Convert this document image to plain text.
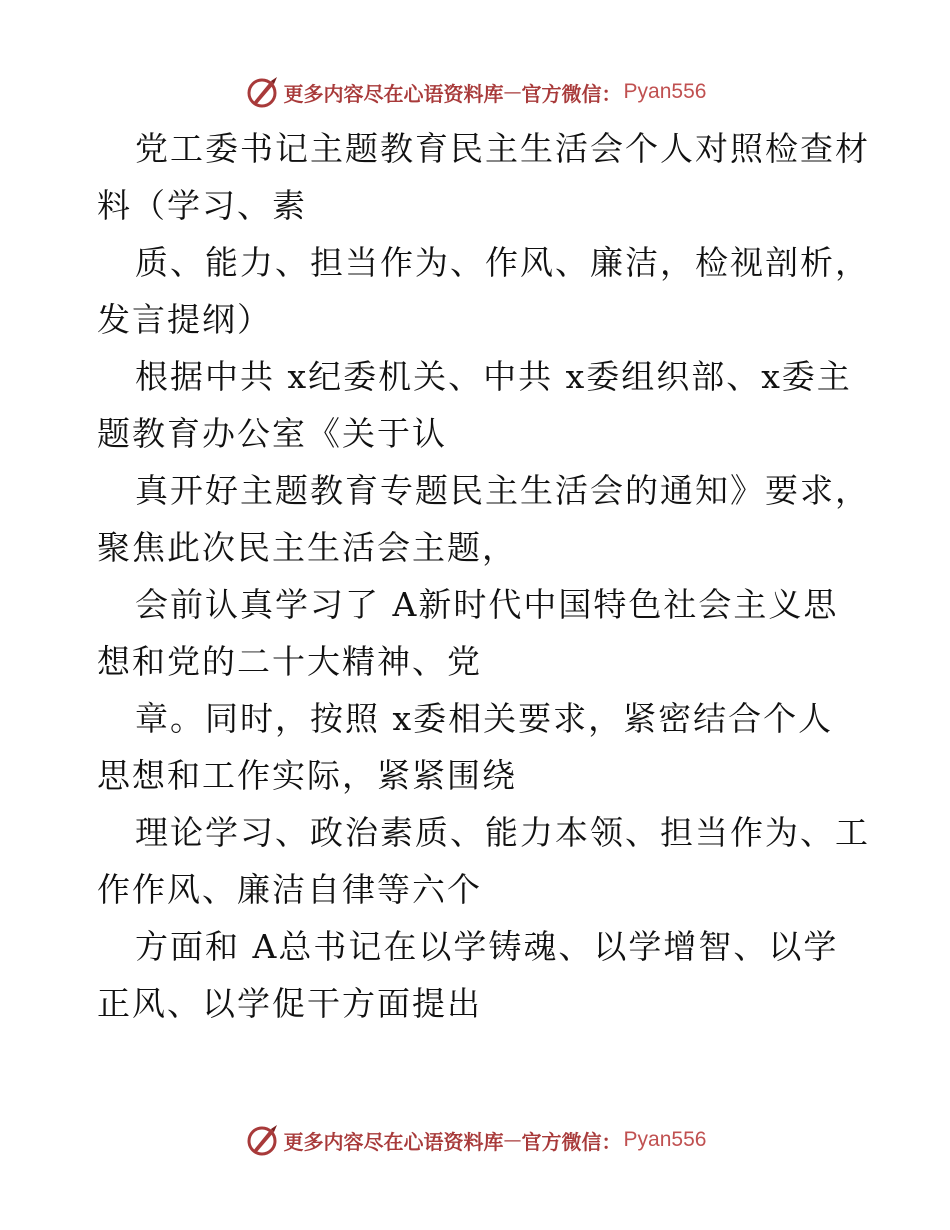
更多内容尽在心语资料库 — 官方微信： Pyan556
党工委书记主题教育民主生活会个人对照检查材
料（学习、素
质、能力、担当作为、作风、廉洁，检视剖析，
发言提纲）
根据中共 x纪委机关、中共 x委组织部、x委主
题教育办公室《关于认
真开好主题教育专题民主生活会的通知》要求，
聚焦此次民主生活会主题，
会前认真学习了 A新时代中国特色社会主义思
想和党的二十大精神、党
章。同时，按照 x委相关要求，紧密结合个人
思想和工作实际，紧紧围绕
理论学习、政治素质、能力本领、担当作为、工
作作风、廉洁自律等六个
方面和 A总书记在以学铸魂、以学增智、以学
正风、以学促干方面提出
更多内容尽在心语资料库 — 官方微信： Pyan556
